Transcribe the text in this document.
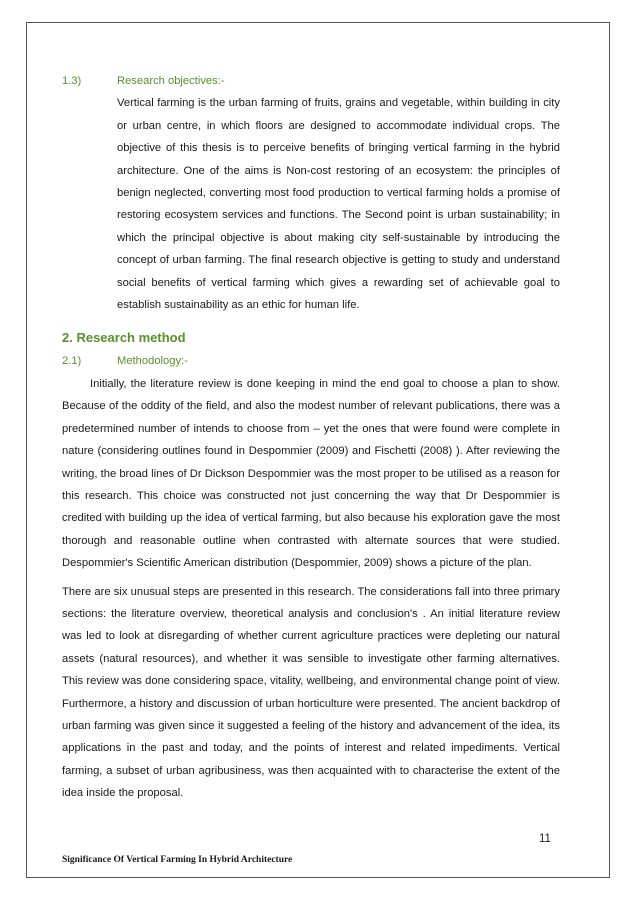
1.3)	Research objectives:-

Vertical farming is the urban farming of fruits, grains and vegetable, within building in city or urban centre, in which floors are designed to accommodate individual crops. The objective of this thesis is to perceive benefits of bringing vertical farming in the hybrid architecture. One of the aims is Non-cost restoring of an ecosystem: the principles of benign neglected, converting most food production to vertical farming holds a promise of restoring ecosystem services and functions. The Second point is urban sustainability; in which the principal objective is about making city self-sustainable by introducing the concept of urban farming. The final research objective is getting to study and understand social benefits of vertical farming which gives a rewarding set of achievable goal to establish sustainability as an ethic for human life.

2. Research method
2.1)	Methodology:-

Initially, the literature review is done keeping in mind the end goal to choose a plan to show. Because of the oddity of the field, and also the modest number of relevant publications, there was a predetermined number of intends to choose from – yet the ones that were found were complete in nature (considering outlines found in Despommier (2009) and Fischetti (2008) ). After reviewing the writing, the broad lines of Dr Dickson Despommier was the most proper to be utilised as a reason for this research. This choice was constructed not just concerning the way that Dr Despommier is credited with building up the idea of vertical farming, but also because his exploration gave the most thorough and reasonable outline when contrasted with alternate sources that were studied. Despommier's Scientific American distribution (Despommier, 2009) shows a picture of the plan.

There are six unusual steps are presented in this research. The considerations fall into three primary sections: the literature overview, theoretical analysis and conclusion's . An initial literature review was led to look at disregarding of whether current agriculture practices were depleting our natural assets (natural resources), and whether it was sensible to investigate other farming alternatives. This review was done considering space, vitality, wellbeing, and environmental change point of view. Furthermore, a history and discussion of urban horticulture were presented. The ancient backdrop of urban farming was given since it suggested a feeling of the history and advancement of the idea, its applications in the past and today, and the points of interest and related impediments. Vertical farming, a subset of urban agribusiness, was then acquainted with to characterise the extent of the idea inside the proposal.

11
Significance Of Vertical Farming In Hybrid Architecture
